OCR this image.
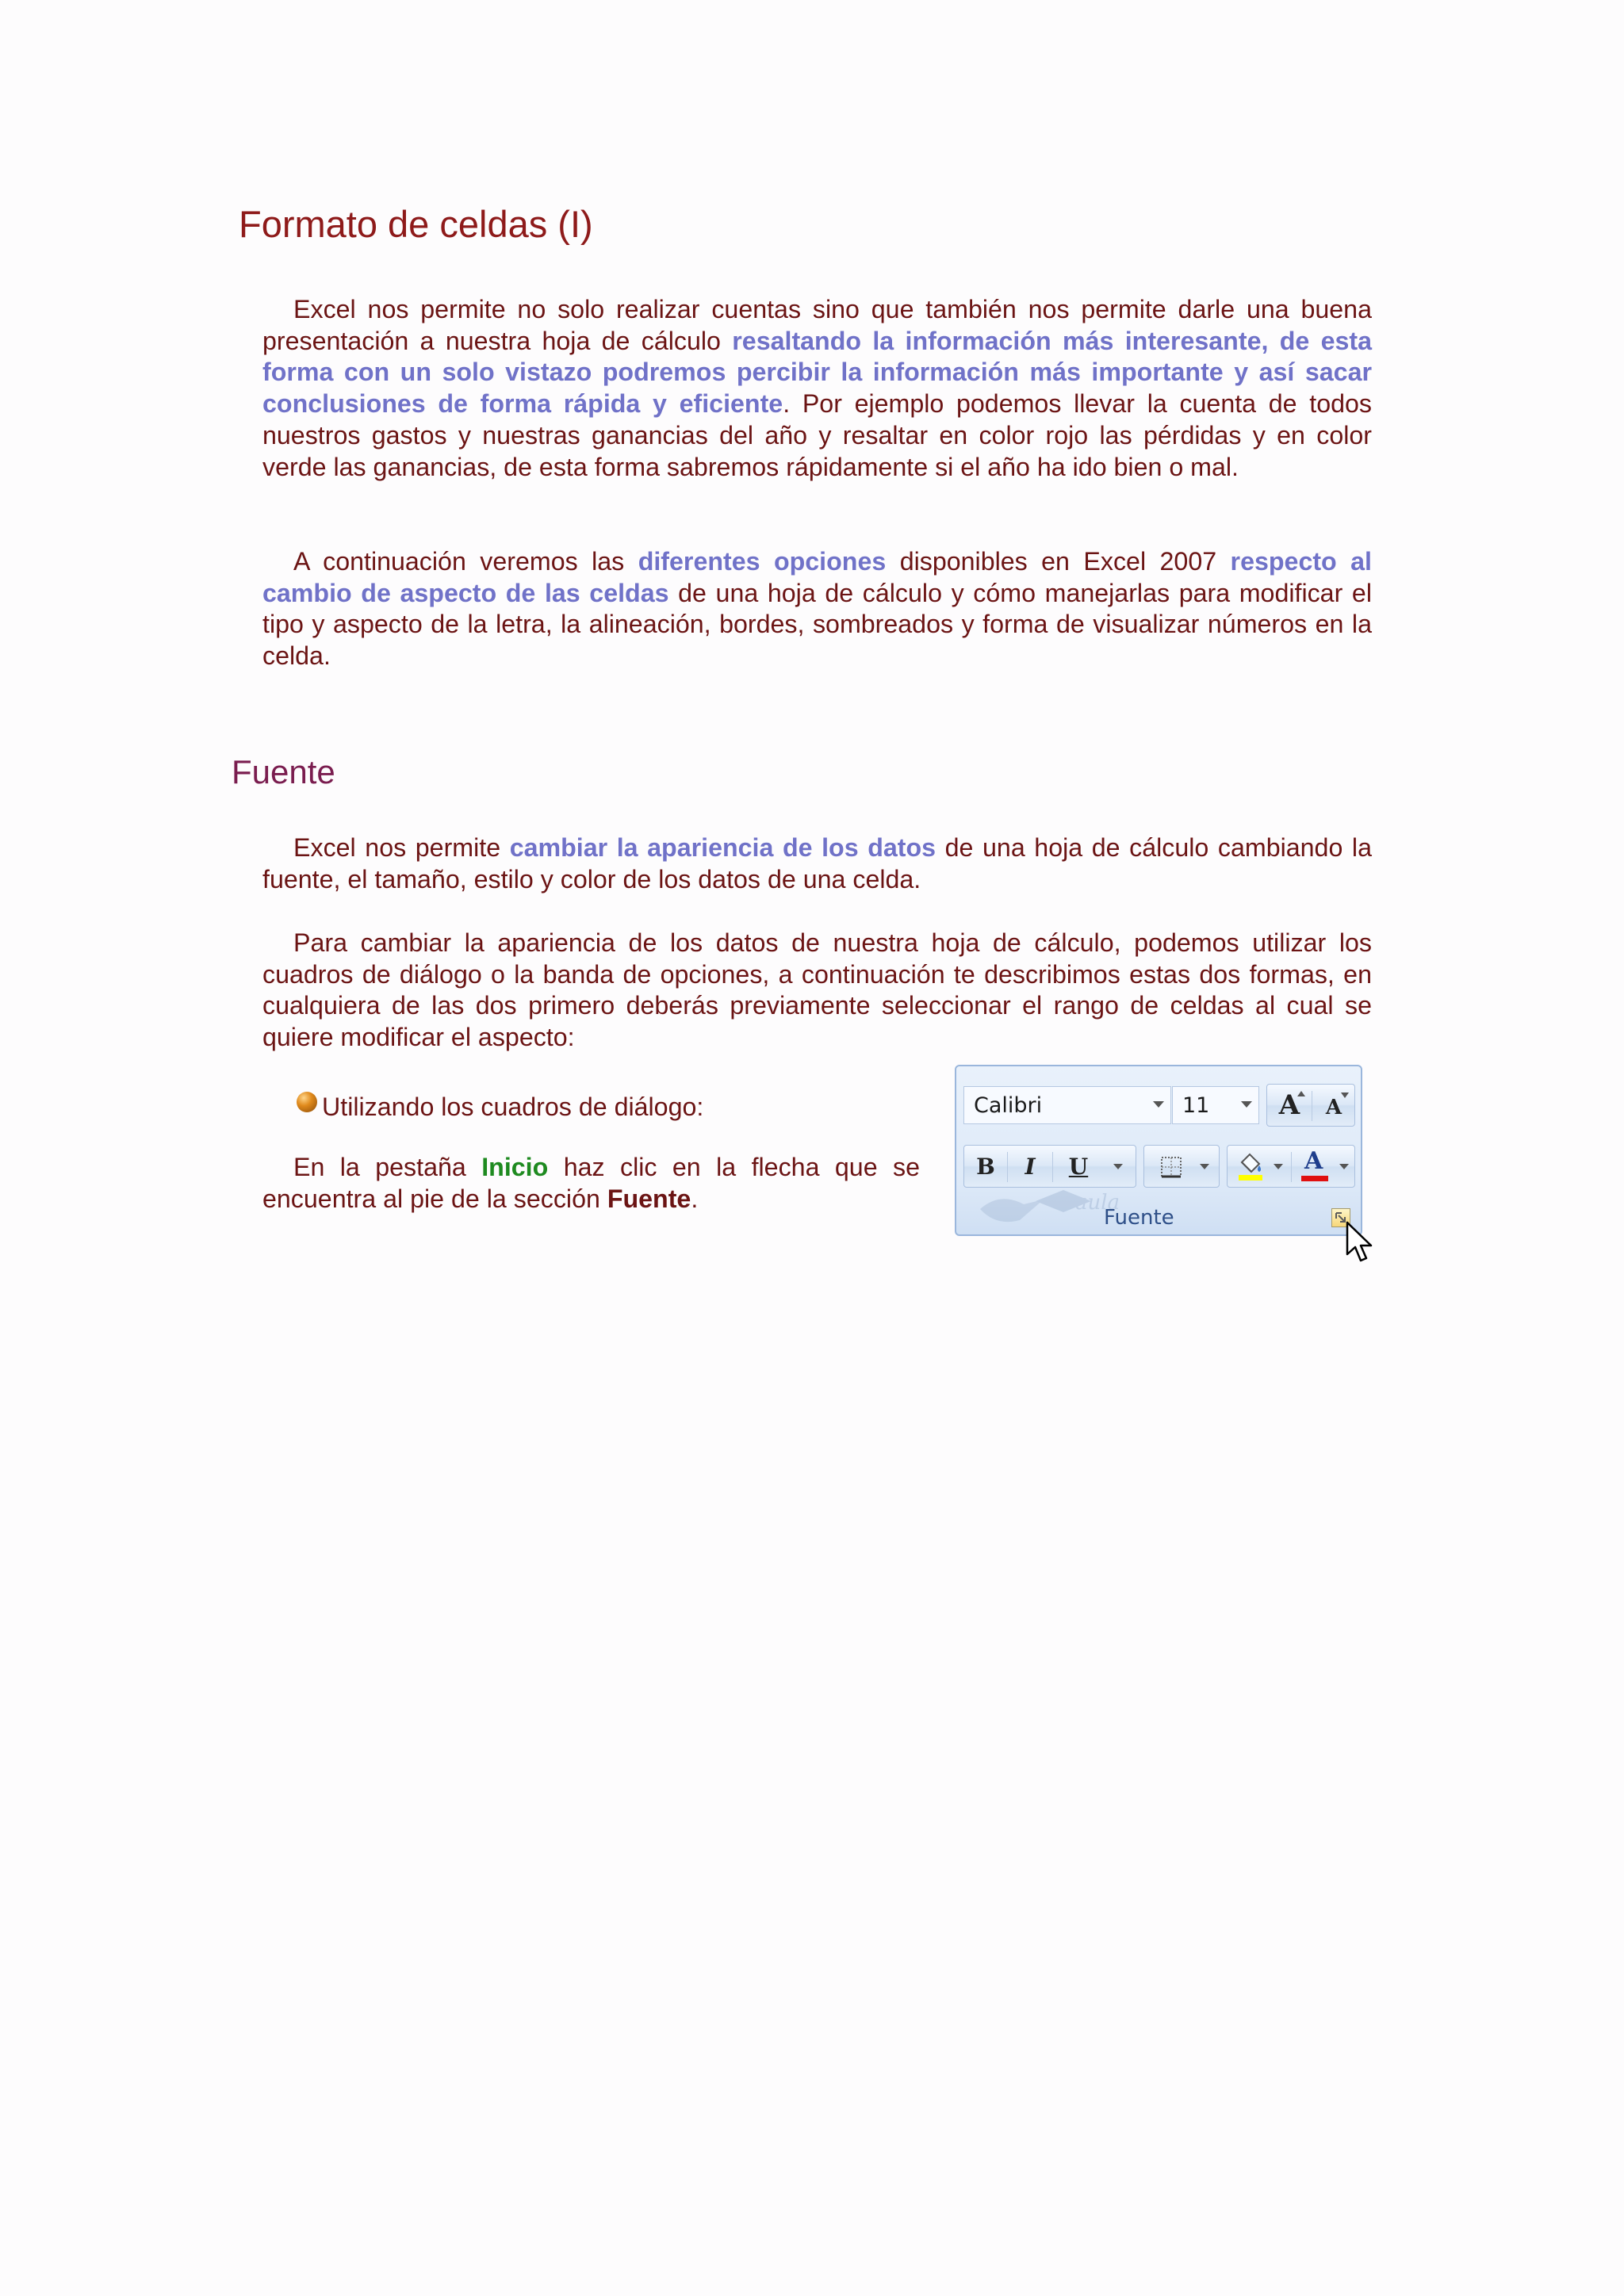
Formato de celdas (I)

Excel nos permite no solo realizar cuentas sino que también nos permite darle una buena presentación a nuestra hoja de cálculo resaltando la información más interesante, de esta forma con un solo vistazo podremos percibir la información más importante y así sacar conclusiones de forma rápida y eficiente. Por ejemplo podemos llevar la cuenta de todos nuestros gastos y nuestras ganancias del año y resaltar en color rojo las pérdidas y en color verde las ganancias, de esta forma sabremos rápidamente si el año ha ido bien o mal.

A continuación veremos las diferentes opciones disponibles en Excel 2007 respecto al cambio de aspecto de las celdas de una hoja de cálculo y cómo manejarlas para modificar el tipo y aspecto de la letra, la alineación, bordes, sombreados y forma de visualizar números en la celda.

Fuente

Excel nos permite cambiar la apariencia de los datos de una hoja de cálculo cambiando la fuente, el tamaño, estilo y color de los datos de una celda.

Para cambiar la apariencia de los datos de nuestra hoja de cálculo, podemos utilizar los cuadros de diálogo o la banda de opciones, a continuación te describimos estas dos formas, en cualquiera de las dos primero deberás previamente seleccionar el rango de celdas al cual se quiere modificar el aspecto:

Utilizando los cuadros de diálogo:

En la pestaña Inicio haz clic en la flecha que se encuentra al pie de la sección Fuente.

Calibri	11	A A
B I U	A
aula
Fuente
